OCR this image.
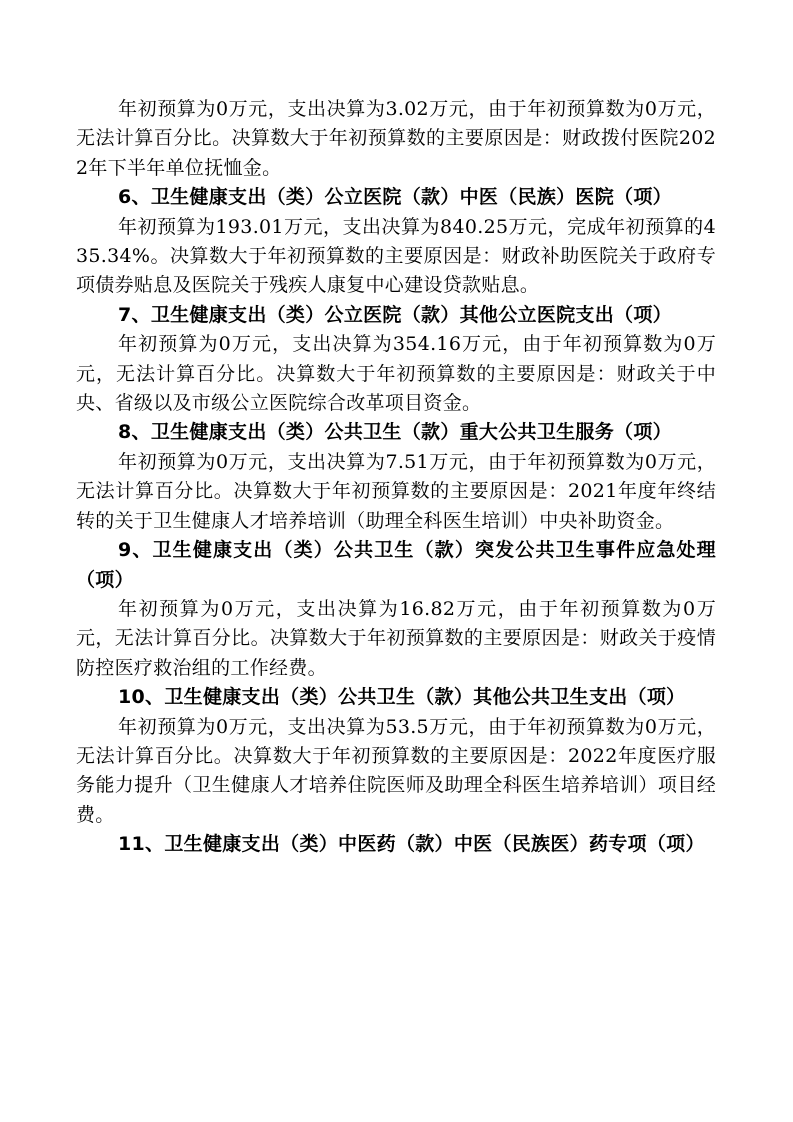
年初预算为0万元，支出决算为3.02万元，由于年初预算数为0万元，无法计算百分比。决算数大于年初预算数的主要原因是：财政拨付医院2022年下半年单位抚恤金。

6、卫生健康支出（类）公立医院（款）中医（民族）医院（项）

年初预算为193.01万元，支出决算为840.25万元，完成年初预算的435.34%。决算数大于年初预算数的主要原因是：财政补助医院关于政府专项债券贴息及医院关于残疾人康复中心建设贷款贴息。

7、卫生健康支出（类）公立医院（款）其他公立医院支出（项）

年初预算为0万元，支出决算为354.16万元，由于年初预算数为0万元，无法计算百分比。决算数大于年初预算数的主要原因是：财政关于中央、省级以及市级公立医院综合改革项目资金。

8、卫生健康支出（类）公共卫生（款）重大公共卫生服务（项）

年初预算为0万元，支出决算为7.51万元，由于年初预算数为0万元，无法计算百分比。决算数大于年初预算数的主要原因是：2021年度年终结转的关于卫生健康人才培养培训（助理全科医生培训）中央补助资金。

9、卫生健康支出（类）公共卫生（款）突发公共卫生事件应急处理（项）

年初预算为0万元，支出决算为16.82万元，由于年初预算数为0万元，无法计算百分比。决算数大于年初预算数的主要原因是：财政关于疫情防控医疗救治组的工作经费。

10、卫生健康支出（类）公共卫生（款）其他公共卫生支出（项）

年初预算为0万元，支出决算为53.5万元，由于年初预算数为0万元，无法计算百分比。决算数大于年初预算数的主要原因是：2022年度医疗服务能力提升（卫生健康人才培养住院医师及助理全科医生培养培训）项目经费。

11、卫生健康支出（类）中医药（款）中医（民族医）药专项（项）
